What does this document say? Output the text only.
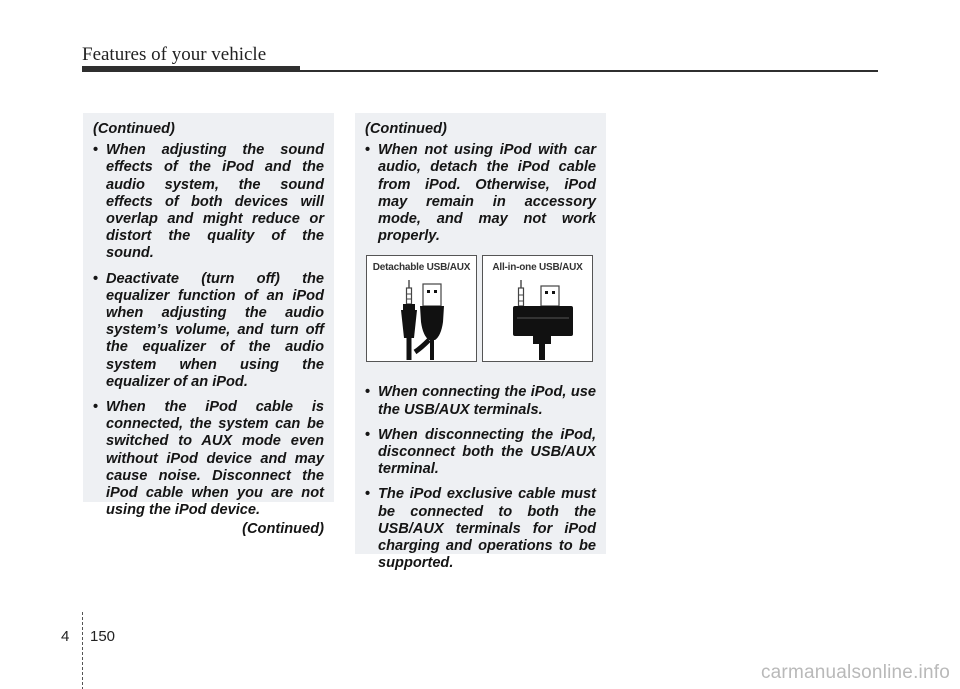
Features of your vehicle
(Continued)
• When adjusting the sound effects of the iPod and the audio system, the sound effects of both devices will overlap and might reduce or distort the quality of the sound.
• Deactivate (turn off) the equalizer function of an iPod when adjusting the audio system’s volume, and turn off the equalizer of the audio system when using the equalizer of an iPod.
• When the iPod cable is connected, the system can be switched to AUX mode even without iPod device and may cause noise. Disconnect the iPod cable when you are not using the iPod device.
(Continued)
(Continued)
• When not using iPod with car audio, detach the iPod cable from iPod. Otherwise, iPod may remain in accessory mode, and may not work properly.
Detachable USB/AUX	All-in-one USB/AUX
• When connecting the iPod, use the USB/AUX terminals.
• When disconnecting the iPod, disconnect both the USB/AUX terminal.
• The iPod exclusive cable must be connected to both the USB/AUX terminals for iPod charging and operations to be supported.
4 150
carmanualsonline.info
